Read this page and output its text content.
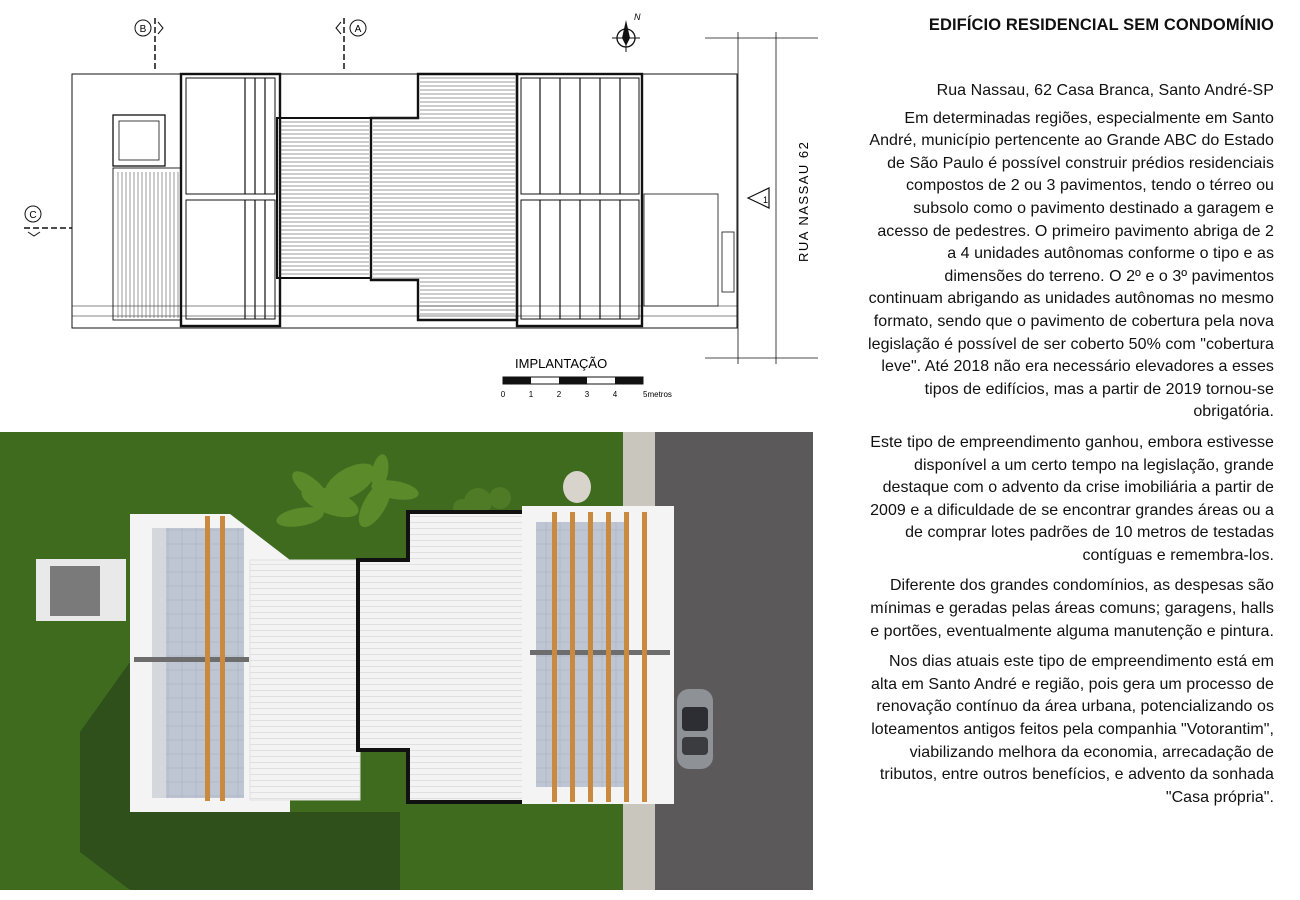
B	A
C
N
RUA NASSAU 62
1
IMPLANTAÇÃO
0	1	2	3	4	5metros
EDIFÍCIO RESIDENCIAL SEM CONDOMÍNIO

Rua Nassau, 62 Casa Branca, Santo André-SP

Em determinadas regiões, especialmente em Santo André, município pertencente ao Grande ABC do Estado de São Paulo é possível construir prédios residenciais compostos de 2 ou 3 pavimentos, tendo o térreo ou subsolo como o pavimento destinado a garagem e acesso de pedestres. O primeiro pavimento abriga de 2 a 4 unidades autônomas conforme o tipo e as dimensões do terreno. O 2º e o 3º pavimentos continuam abrigando as unidades autônomas no mesmo formato, sendo que o pavimento de cobertura pela nova legislação é possível de ser coberto 50% com "cobertura leve". Até 2018 não era necessário elevadores a esses tipos de edifícios, mas a partir de 2019 tornou-se obrigatória.

Este tipo de empreendimento ganhou, embora estivesse disponível a um certo tempo na legislação, grande destaque com o advento da crise imobiliária a partir de 2009 e a dificuldade de se encontrar grandes áreas ou a de comprar lotes padrões de 10 metros de testadas contíguas e remembra-los.

Diferente dos grandes condomínios, as despesas são mínimas e geradas pelas áreas comuns; garagens, halls e portões, eventualmente alguma manutenção e pintura.

Nos dias atuais este tipo de empreendimento está em alta em Santo André e região, pois gera um processo de renovação contínuo da área urbana, potencializando os loteamentos antigos feitos pela companhia "Votorantim", viabilizando melhora da economia, arrecadação de tributos, entre outros benefícios, e advento da sonhada "Casa própria".
